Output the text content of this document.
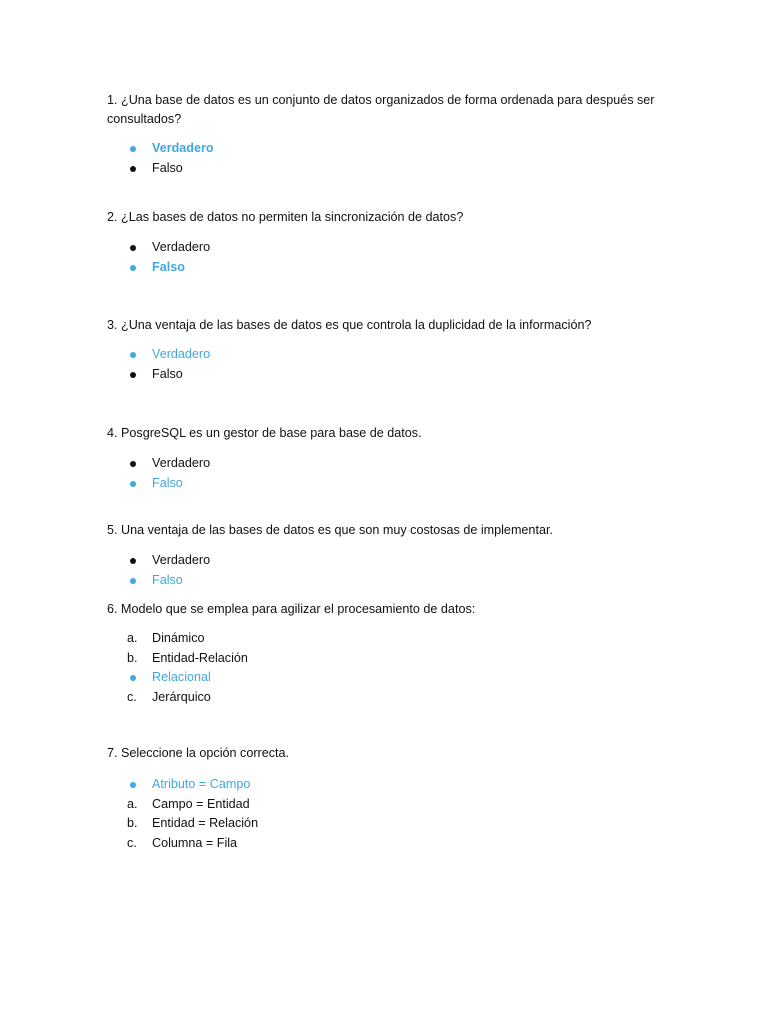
1. ¿Una base de datos es un conjunto de datos organizados de forma ordenada para después ser consultados?

Verdadero
Falso

2. ¿Las bases de datos no permiten la sincronización de datos?

Verdadero
Falso

3. ¿Una ventaja de las bases de datos es que controla la duplicidad de la información?

Verdadero
Falso

4. PosgreSQL es un gestor de base para base de datos.

Verdadero
Falso

5. Una ventaja de las bases de datos es que son muy costosas de implementar.

Verdadero
Falso

6. Modelo que se emplea para agilizar el procesamiento de datos:

a.	Dinámico
b.	Entidad-Relación
Relacional
c.	Jerárquico

7. Seleccione la opción correcta.

Atributo = Campo
a.	Campo = Entidad
b.	Entidad = Relación
c.	Columna = Fila
